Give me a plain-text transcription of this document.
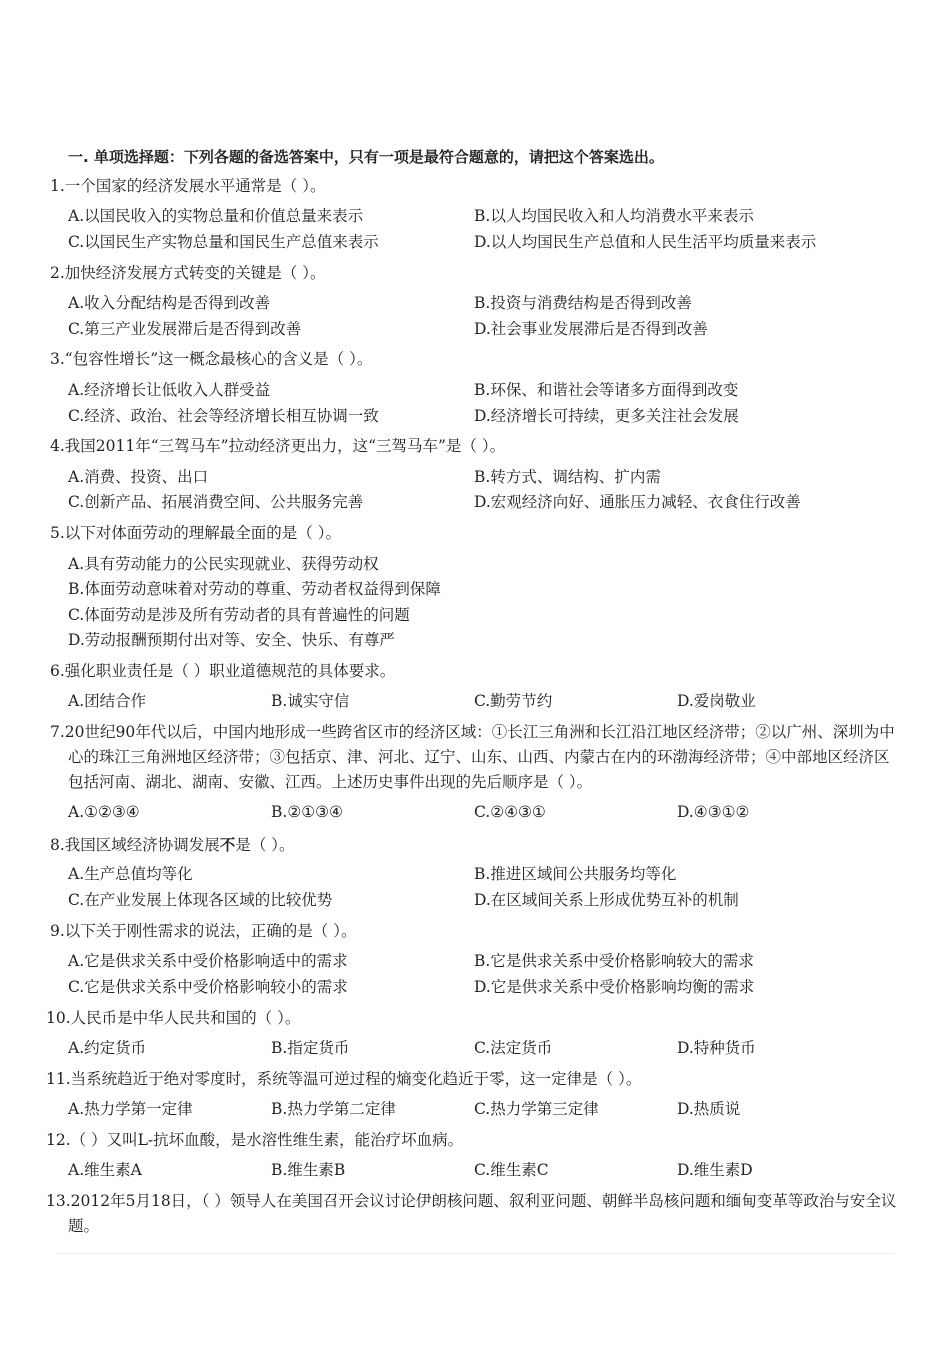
一. 单项选择题：下列各题的备选答案中，只有一项是最符合题意的，请把这个答案选出。
1.一个国家的经济发展水平通常是（ ）。
A.以国民收入的实物总量和价值总量来表示	B.以人均国民收入和人均消费水平来表示
C.以国民生产实物总量和国民生产总值来表示	D.以人均国民生产总值和人民生活平均质量来表示
2.加快经济发展方式转变的关键是（ ）。
A.收入分配结构是否得到改善	B.投资与消费结构是否得到改善
C.第三产业发展滞后是否得到改善	D.社会事业发展滞后是否得到改善
3.“包容性增长”这一概念最核心的含义是（ ）。
A.经济增长让低收入人群受益	B.环保、和谐社会等诸多方面得到改变
C.经济、政治、社会等经济增长相互协调一致	D.经济增长可持续，更多关注社会发展
4.我国2011年“三驾马车”拉动经济更出力，这“三驾马车”是（ ）。
A.消费、投资、出口	B.转方式、调结构、扩内需
C.创新产品、拓展消费空间、公共服务完善	D.宏观经济向好、通胀压力减轻、衣食住行改善
5.以下对体面劳动的理解最全面的是（ ）。
A.具有劳动能力的公民实现就业、获得劳动权
B.体面劳动意味着对劳动的尊重、劳动者权益得到保障
C.体面劳动是涉及所有劳动者的具有普遍性的问题
D.劳动报酬预期付出对等、安全、快乐、有尊严
6.强化职业责任是（ ）职业道德规范的具体要求。
A.团结合作	B.诚实守信	C.勤劳节约	D.爱岗敬业
7.20世纪90年代以后，中国内地形成一些跨省区市的经济区域：①长江三角洲和长江沿江地区经济带；②以广州、深圳为中心的珠江三角洲地区经济带；③包括京、津、河北、辽宁、山东、山西、内蒙古在内的环渤海经济带；④中部地区经济区包括河南、湖北、湖南、安徽、江西。上述历史事件出现的先后顺序是（ ）。
A.①②③④	B.②①③④	C.②④③①	D.④③①②
8.我国区域经济协调发展不是（ ）。
A.生产总值均等化	B.推进区域间公共服务均等化
C.在产业发展上体现各区域的比较优势	D.在区域间关系上形成优势互补的机制
9.以下关于刚性需求的说法，正确的是（ ）。
A.它是供求关系中受价格影响适中的需求	B.它是供求关系中受价格影响较大的需求
C.它是供求关系中受价格影响较小的需求	D.它是供求关系中受价格影响均衡的需求
10.人民币是中华人民共和国的（ ）。
A.约定货币	B.指定货币	C.法定货币	D.特种货币
11.当系统趋近于绝对零度时，系统等温可逆过程的熵变化趋近于零，这一定律是（ ）。
A.热力学第一定律	B.热力学第二定律	C.热力学第三定律	D.热质说
12.（ ）又叫L-抗坏血酸，是水溶性维生素，能治疗坏血病。
A.维生素A	B.维生素B	C.维生素C	D.维生素D
13.2012年5月18日，（ ）领导人在美国召开会议讨论伊朗核问题、叙利亚问题、朝鲜半岛核问题和缅甸变革等政治与安全议题。
